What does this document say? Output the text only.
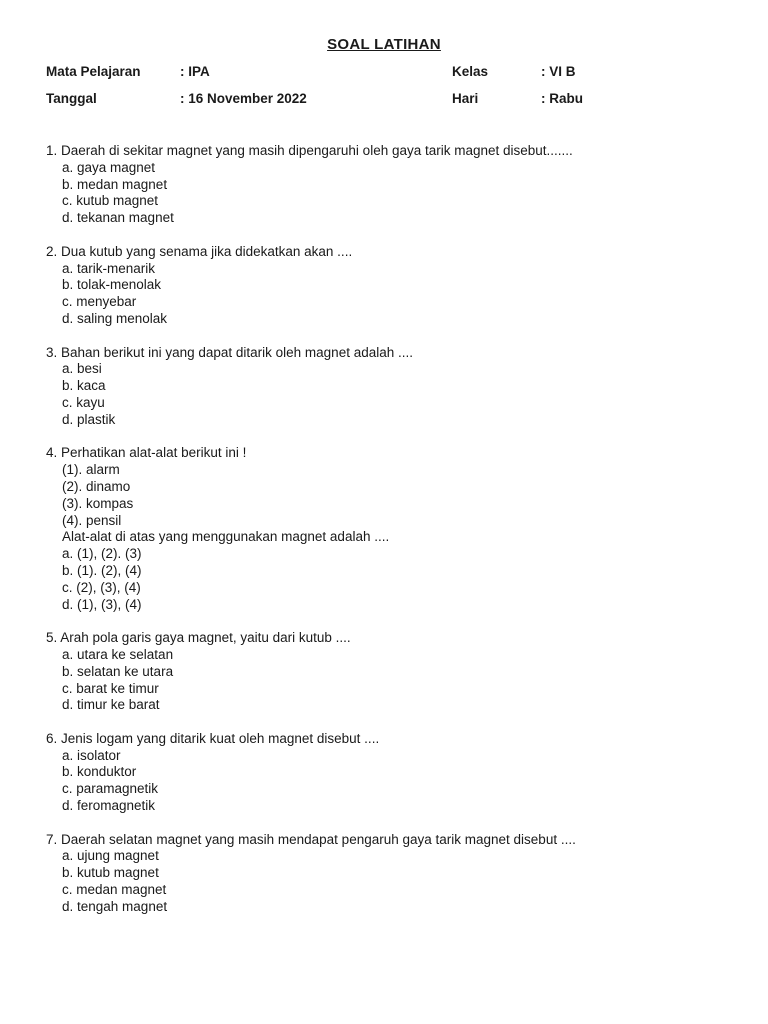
SOAL LATIHAN
Mata Pelajaran	: IPA	Kelas	: VI B
Tanggal	: 16 November 2022	Hari	: Rabu
1. Daerah di sekitar magnet yang masih dipengaruhi oleh gaya tarik magnet disebut.......
a. gaya magnet
b. medan magnet
c. kutub magnet
d. tekanan magnet
2. Dua kutub yang senama jika didekatkan akan ....
a. tarik-menarik
b. tolak-menolak
c. menyebar
d. saling menolak
3. Bahan berikut ini yang dapat ditarik oleh magnet adalah ....
a. besi
b. kaca
c. kayu
d. plastik
4. Perhatikan alat-alat berikut ini !
(1). alarm
(2). dinamo
(3). kompas
(4). pensil
Alat-alat di atas yang menggunakan magnet adalah ....
a. (1), (2). (3)
b. (1). (2), (4)
c. (2), (3), (4)
d. (1), (3), (4)
5. Arah pola garis gaya magnet, yaitu dari kutub ....
a. utara ke selatan
b. selatan ke utara
c. barat ke timur
d. timur ke barat
6. Jenis logam yang ditarik kuat oleh magnet disebut ....
a. isolator
b. konduktor
c. paramagnetik
d. feromagnetik
7. Daerah selatan magnet yang masih mendapat pengaruh gaya tarik magnet disebut ....
a. ujung magnet
b. kutub magnet
c. medan magnet
d. tengah magnet
